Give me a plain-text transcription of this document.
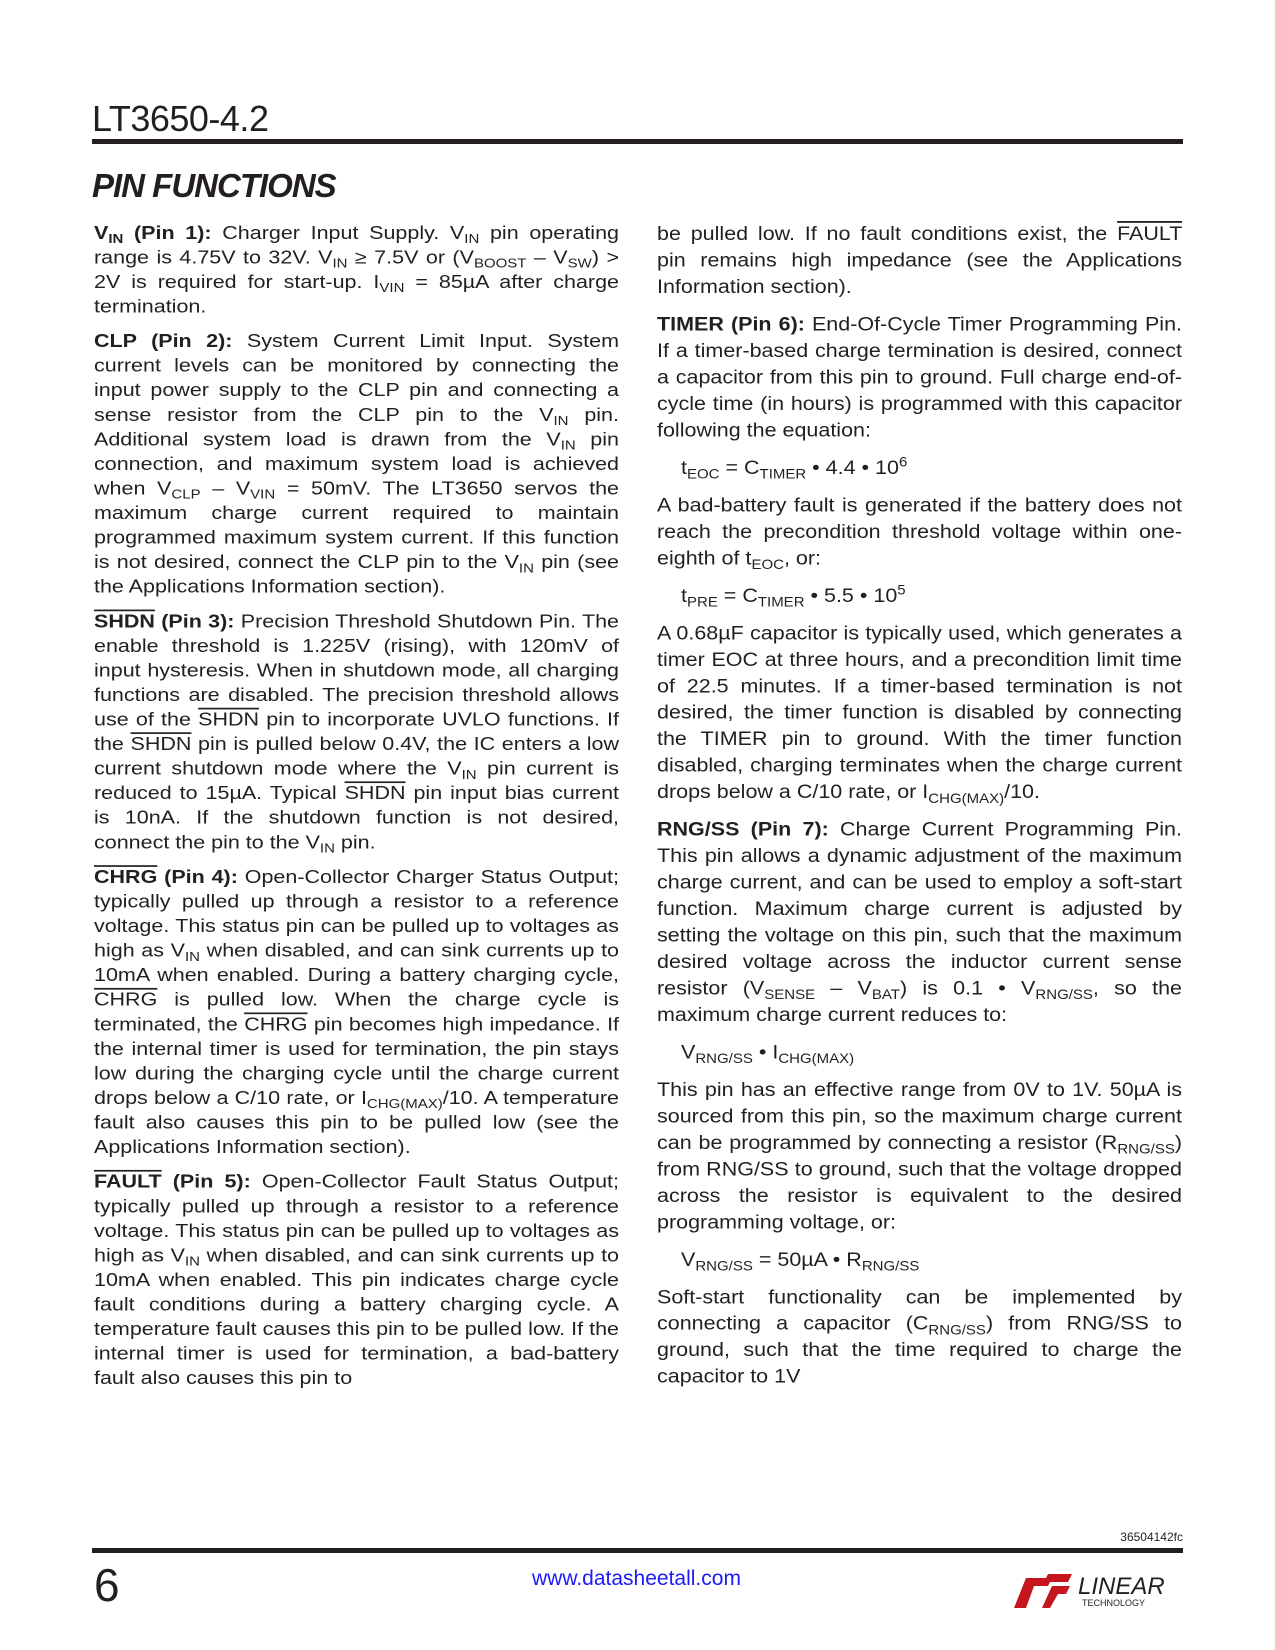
LT3650-4.2
PIN FUNCTIONS

$V_{IN}$ (Pin 1): Charger Input Supply. $V_{IN}$ pin operating range is 4.75V to 32V. $V_{IN} \ge 7.5V$ or $(V_{BOOST} - V_{SW}) > 2V$ is required for start-up. $I_{VIN} = 85\mu A$ after charge termination.

CLP (Pin 2): System Current Limit Input. System current levels can be monitored by connecting the input power supply to the CLP pin and connecting a sense resistor from the CLP pin to the $V_{IN}$ pin. Additional system load is drawn from the $V_{IN}$ pin connection, and maximum system load is achieved when $V_{CLP} - V_{VIN} = 50mV$. The LT3650 servos the maximum charge current required to maintain programmed maximum system current. If this function is not desired, connect the CLP pin to the $V_{IN}$ pin (see the Applications Information section).

SHDN (Pin 3): Precision Threshold Shutdown Pin. The enable threshold is 1.225V (rising), with 120mV of input hysteresis. When in shutdown mode, all charging functions are disabled. The precision threshold allows use of the SHDN pin to incorporate UVLO functions. If the SHDN pin is pulled below 0.4V, the IC enters a low current shutdown mode where the $V_{IN}$ pin current is reduced to 15µA. Typical SHDN pin input bias current is 10nA. If the shutdown function is not desired, connect the pin to the $V_{IN}$ pin.

CHRG (Pin 4): Open-Collector Charger Status Output; typically pulled up through a resistor to a reference voltage. This status pin can be pulled up to voltages as high as $V_{IN}$ when disabled, and can sink currents up to 10mA when enabled. During a battery charging cycle, CHRG is pulled low. When the charge cycle is terminated, the CHRG pin becomes high impedance. If the internal timer is used for termination, the pin stays low during the charging cycle until the charge current drops below a C/10 rate, or $I_{CHG(MAX)}/10$. A temperature fault also causes this pin to be pulled low (see the Applications Information section).

FAULT (Pin 5): Open-Collector Fault Status Output; typically pulled up through a resistor to a reference voltage. This status pin can be pulled up to voltages as high as $V_{IN}$ when disabled, and can sink currents up to 10mA when enabled. This pin indicates charge cycle fault conditions during a battery charging cycle. A temperature fault causes this pin to be pulled low. If the internal timer is used for termination, a bad-battery fault also causes this pin to

be pulled low. If no fault conditions exist, the FAULT pin remains high impedance (see the Applications Information section).

TIMER (Pin 6): End-Of-Cycle Timer Programming Pin. If a timer-based charge termination is desired, connect a capacitor from this pin to ground. Full charge end-of-cycle time (in hours) is programmed with this capacitor following the equation:

$t_{EOC} = C_{TIMER}$ • 4.4 • $10^6$

A bad-battery fault is generated if the battery does not reach the precondition threshold voltage within one-eighth of $t_{EOC}$, or:

$t_{PRE} = C_{TIMER}$ • 5.5 • $10^5$

A 0.68µF capacitor is typically used, which generates a timer EOC at three hours, and a precondition limit time of 22.5 minutes. If a timer-based termination is not desired, the timer function is disabled by connecting the TIMER pin to ground. With the timer function disabled, charging terminates when the charge current drops below a C/10 rate, or $I_{CHG(MAX)}/10$.

RNG/SS (Pin 7): Charge Current Programming Pin. This pin allows a dynamic adjustment of the maximum charge current, and can be used to employ a soft-start function. Maximum charge current is adjusted by setting the voltage on this pin, such that the maximum desired voltage across the inductor current sense resistor $(V_{SENSE} - V_{BAT})$ is 0.1 • $V_{RNG/SS}$, so the maximum charge current reduces to:

$V_{RNG/SS}$ • $I_{CHG(MAX)}$

This pin has an effective range from 0V to 1V. 50µA is sourced from this pin, so the maximum charge current can be programmed by connecting a resistor $(R_{RNG/SS})$ from RNG/SS to ground, such that the voltage dropped across the resistor is equivalent to the desired programming voltage, or:

$V_{RNG/SS} = 50\mu A$ • $R_{RNG/SS}$

Soft-start functionality can be implemented by connecting a capacitor $(C_{RNG/SS})$ from RNG/SS to ground, such that the time required to charge the capacitor to 1V

36504142fc
6	www.datasheetall.com	LINEAR
TECHNOLOGY
